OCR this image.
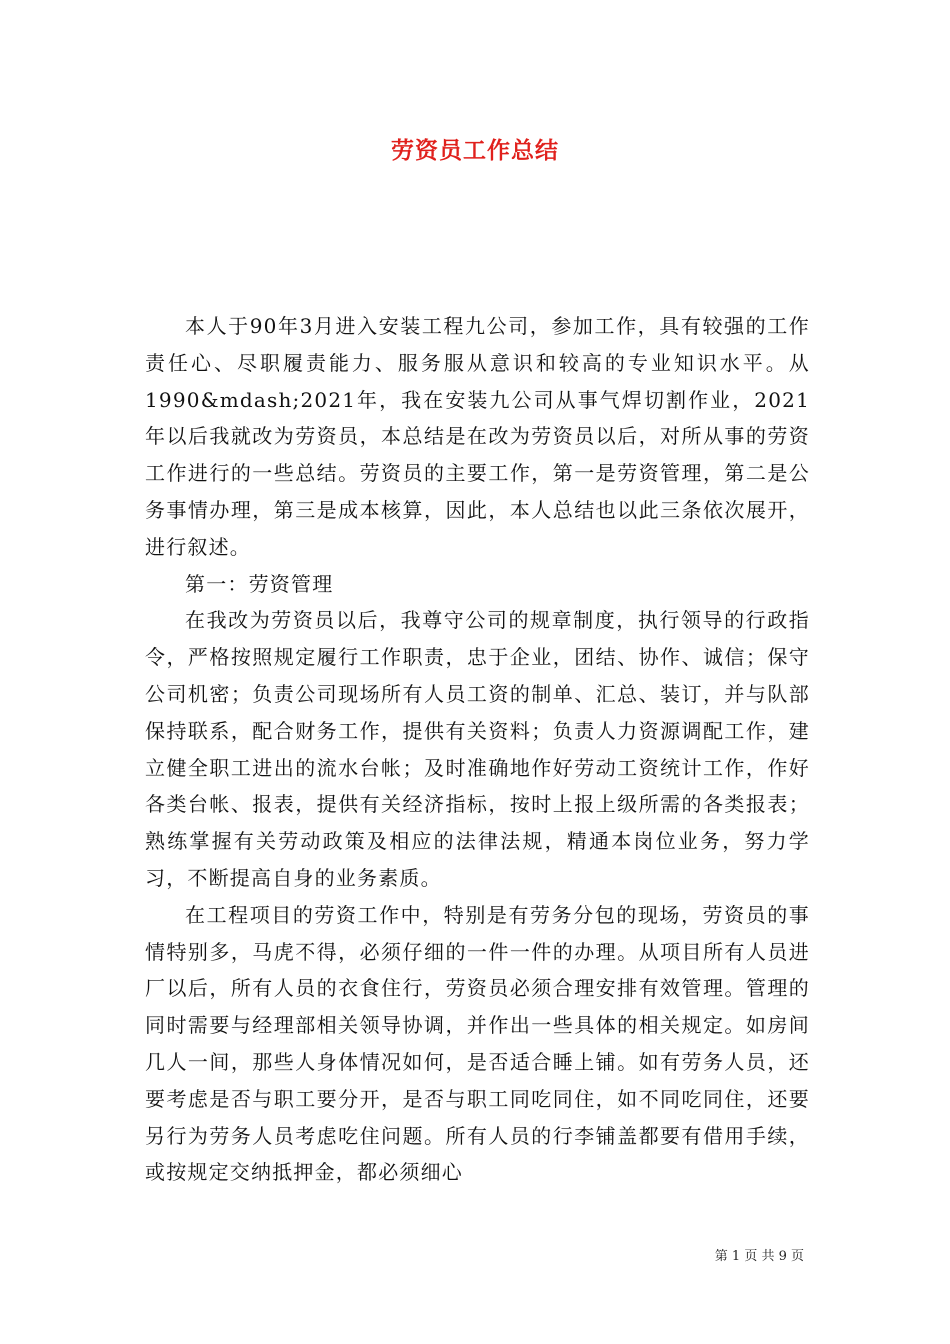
劳资员工作总结

本人于90年3月进入安装工程九公司，参加工作，具有较强的工作责任心、尽职履责能力、服务服从意识和较高的专业知识水平。从1990&mdash;2021年，我在安装九公司从事气焊切割作业，2021年以后我就改为劳资员，本总结是在改为劳资员以后，对所从事的劳资工作进行的一些总结。劳资员的主要工作，第一是劳资管理，第二是公务事情办理，第三是成本核算，因此，本人总结也以此三条依次展开，进行叙述。

第一：劳资管理

在我改为劳资员以后，我尊守公司的规章制度，执行领导的行政指令，严格按照规定履行工作职责，忠于企业，团结、协作、诚信；保守公司机密；负责公司现场所有人员工资的制单、汇总、装订，并与队部保持联系，配合财务工作，提供有关资料；负责人力资源调配工作，建立健全职工进出的流水台帐；及时准确地作好劳动工资统计工作，作好各类台帐、报表，提供有关经济指标，按时上报上级所需的各类报表；熟练掌握有关劳动政策及相应的法律法规，精通本岗位业务，努力学习，不断提高自身的业务素质。

在工程项目的劳资工作中，特别是有劳务分包的现场，劳资员的事情特别多，马虎不得，必须仔细的一件一件的办理。从项目所有人员进厂以后，所有人员的衣食住行，劳资员必须合理安排有效管理。管理的同时需要与经理部相关领导协调，并作出一些具体的相关规定。如房间几人一间，那些人身体情况如何，是否适合睡上铺。如有劳务人员，还要考虑是否与职工要分开，是否与职工同吃同住，如不同吃同住，还要另行为劳务人员考虑吃住问题。所有人员的行李铺盖都要有借用手续，或按规定交纳抵押金，都必须细心

第 1 页 共 9 页
